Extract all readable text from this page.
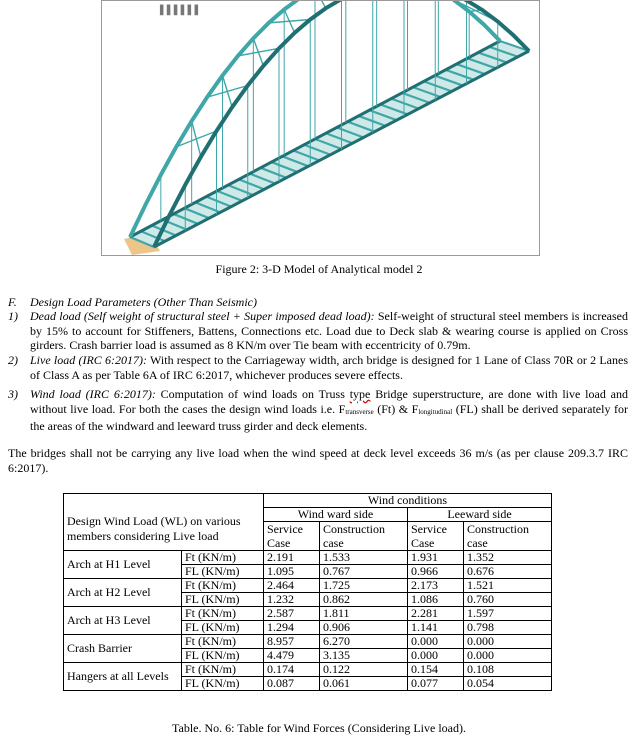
▌▌▌▌▌▌
Figure 2: 3-D Model of Analytical model 2
F. Design Load Parameters (Other Than Seismic)
1) Dead load (Self weight of structural steel + Super imposed dead load): Self-weight of structural steel members is increased by 15% to account for Stiffeners, Battens, Connections etc. Load due to Deck slab & wearing course is applied on Cross girders. Crash barrier load is assumed as 8 KN/m over Tie beam with eccentricity of 0.79m.
2) Live load (IRC 6:2017): With respect to the Carriageway width, arch bridge is designed for 1 Lane of Class 70R or 2 Lanes of Class A as per Table 6A of IRC 6:2017, whichever produces severe effects.
3) Wind load (IRC 6:2017): Computation of wind loads on Truss type Bridge superstructure, are done with live load and without live load. For both the cases the design wind loads i.e. $F_{transverse}$ (Ft) & $F_{longitudinal}$ (FL) shall be derived separately for the areas of the windward and leeward truss girder and deck elements.
The bridges shall not be carrying any live load when the wind speed at deck level exceeds 36 m/s (as per clause 209.3.7 IRC 6:2017).
Design Wind Load (WL) on various members considering Live load		Wind conditions			
		Wind ward side		Leeward side	
		Service Case	Construction case	Service Case	Construction case
Arch at H1 Level	Ft (KN/m)	2.191	1.533	1.931	1.352
	FL (KN/m)	1.095	0.767	0.966	0.676
Arch at H2 Level	Ft (KN/m)	2.464	1.725	2.173	1.521
	FL (KN/m)	1.232	0.862	1.086	0.760
Arch at H3 Level	Ft (KN/m)	2.587	1.811	2.281	1.597
	FL (KN/m)	1.294	0.906	1.141	0.798
Crash Barrier	Ft (KN/m)	8.957	6.270	0.000	0.000
	FL (KN/m)	4.479	3.135	0.000	0.000
Hangers at all Levels	Ft (KN/m)	0.174	0.122	0.154	0.108
	FL (KN/m)	0.087	0.061	0.077	0.054
Table. No. 6: Table for Wind Forces (Considering Live load).
